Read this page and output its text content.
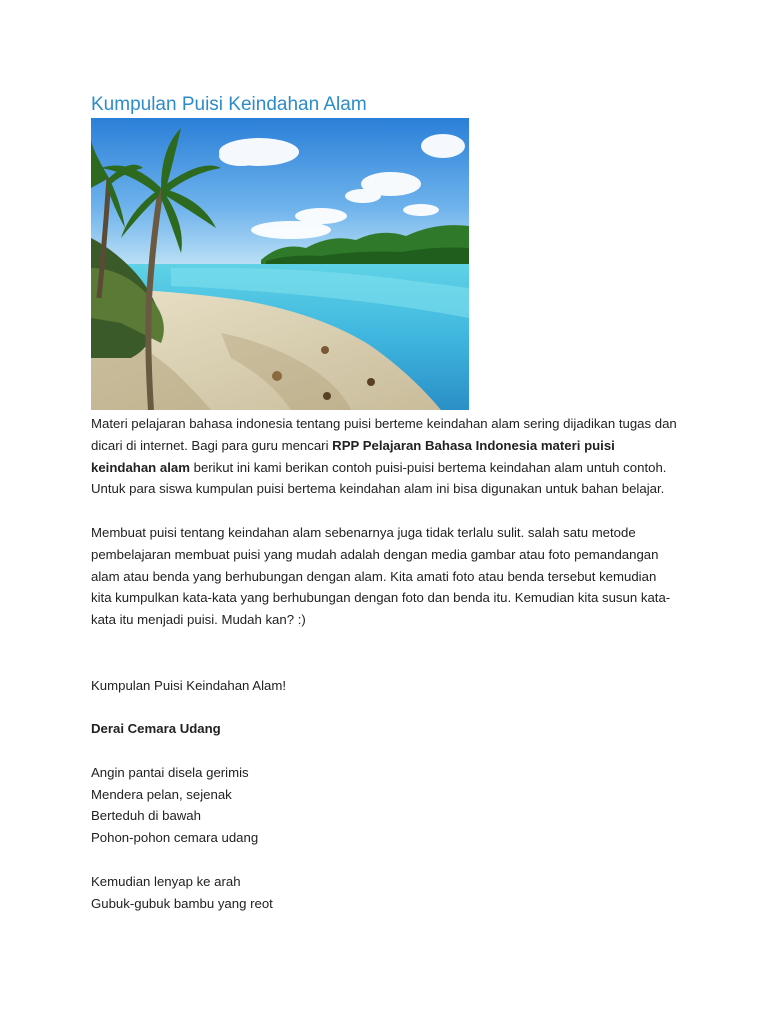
Kumpulan Puisi Keindahan Alam

Materi pelajaran bahasa indonesia tentang puisi berteme keindahan alam sering dijadikan tugas dan dicari di internet. Bagi para guru mencari RPP Pelajaran Bahasa Indonesia materi puisi keindahan alam berikut ini kami berikan contoh puisi-puisi bertema keindahan alam untuh contoh. Untuk para siswa kumpulan puisi bertema keindahan alam ini bisa digunakan untuk bahan belajar.

Membuat puisi tentang keindahan alam sebenarnya juga tidak terlalu sulit. salah satu metode pembelajaran membuat puisi yang mudah adalah dengan media gambar atau foto pemandangan alam atau benda yang berhubungan dengan alam. Kita amati foto atau benda tersebut kemudian kita kumpulkan kata-kata yang berhubungan dengan foto dan benda itu. Kemudian kita susun kata-kata itu menjadi puisi. Mudah kan? :)

Kumpulan Puisi Keindahan Alam!

Derai Cemara Udang

Angin pantai disela gerimis
Mendera pelan, sejenak
Berteduh di bawah
Pohon-pohon cemara udang
Kemudian lenyap ke arah
Gubuk-gubuk bambu yang reot
